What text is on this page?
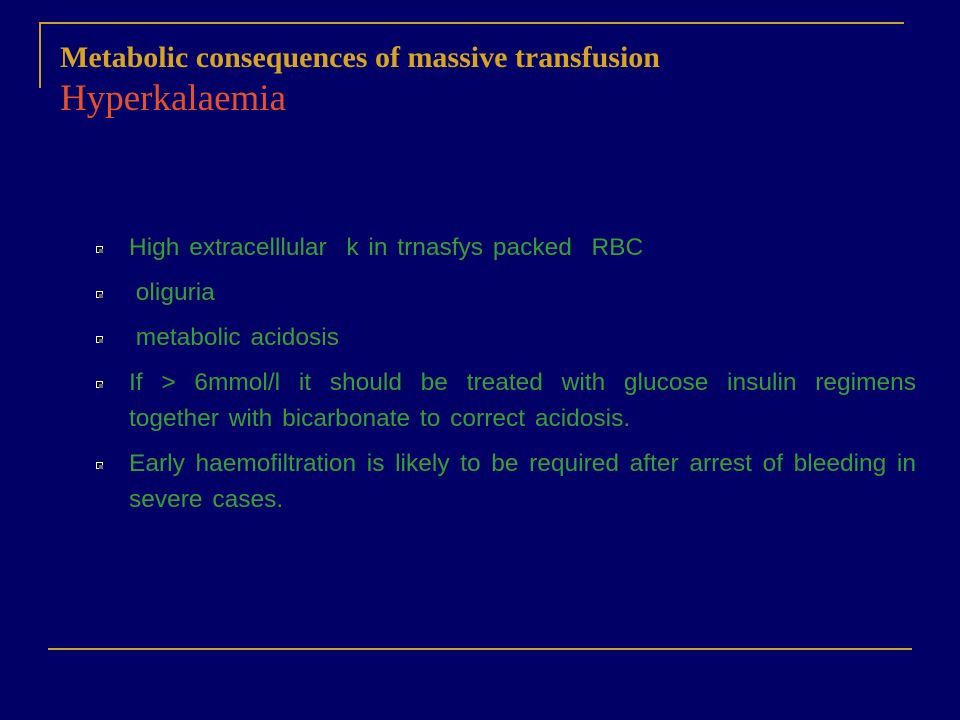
Metabolic consequences of massive transfusion
Hyperkalaemia
High extracelllular  k in trnasfys packed  RBC
oliguria
metabolic acidosis
If > 6mmol/l it should be treated with glucose insulin regimens together with bicarbonate to correct acidosis.
Early haemofiltration is likely to be required after arrest of bleeding in severe cases.
